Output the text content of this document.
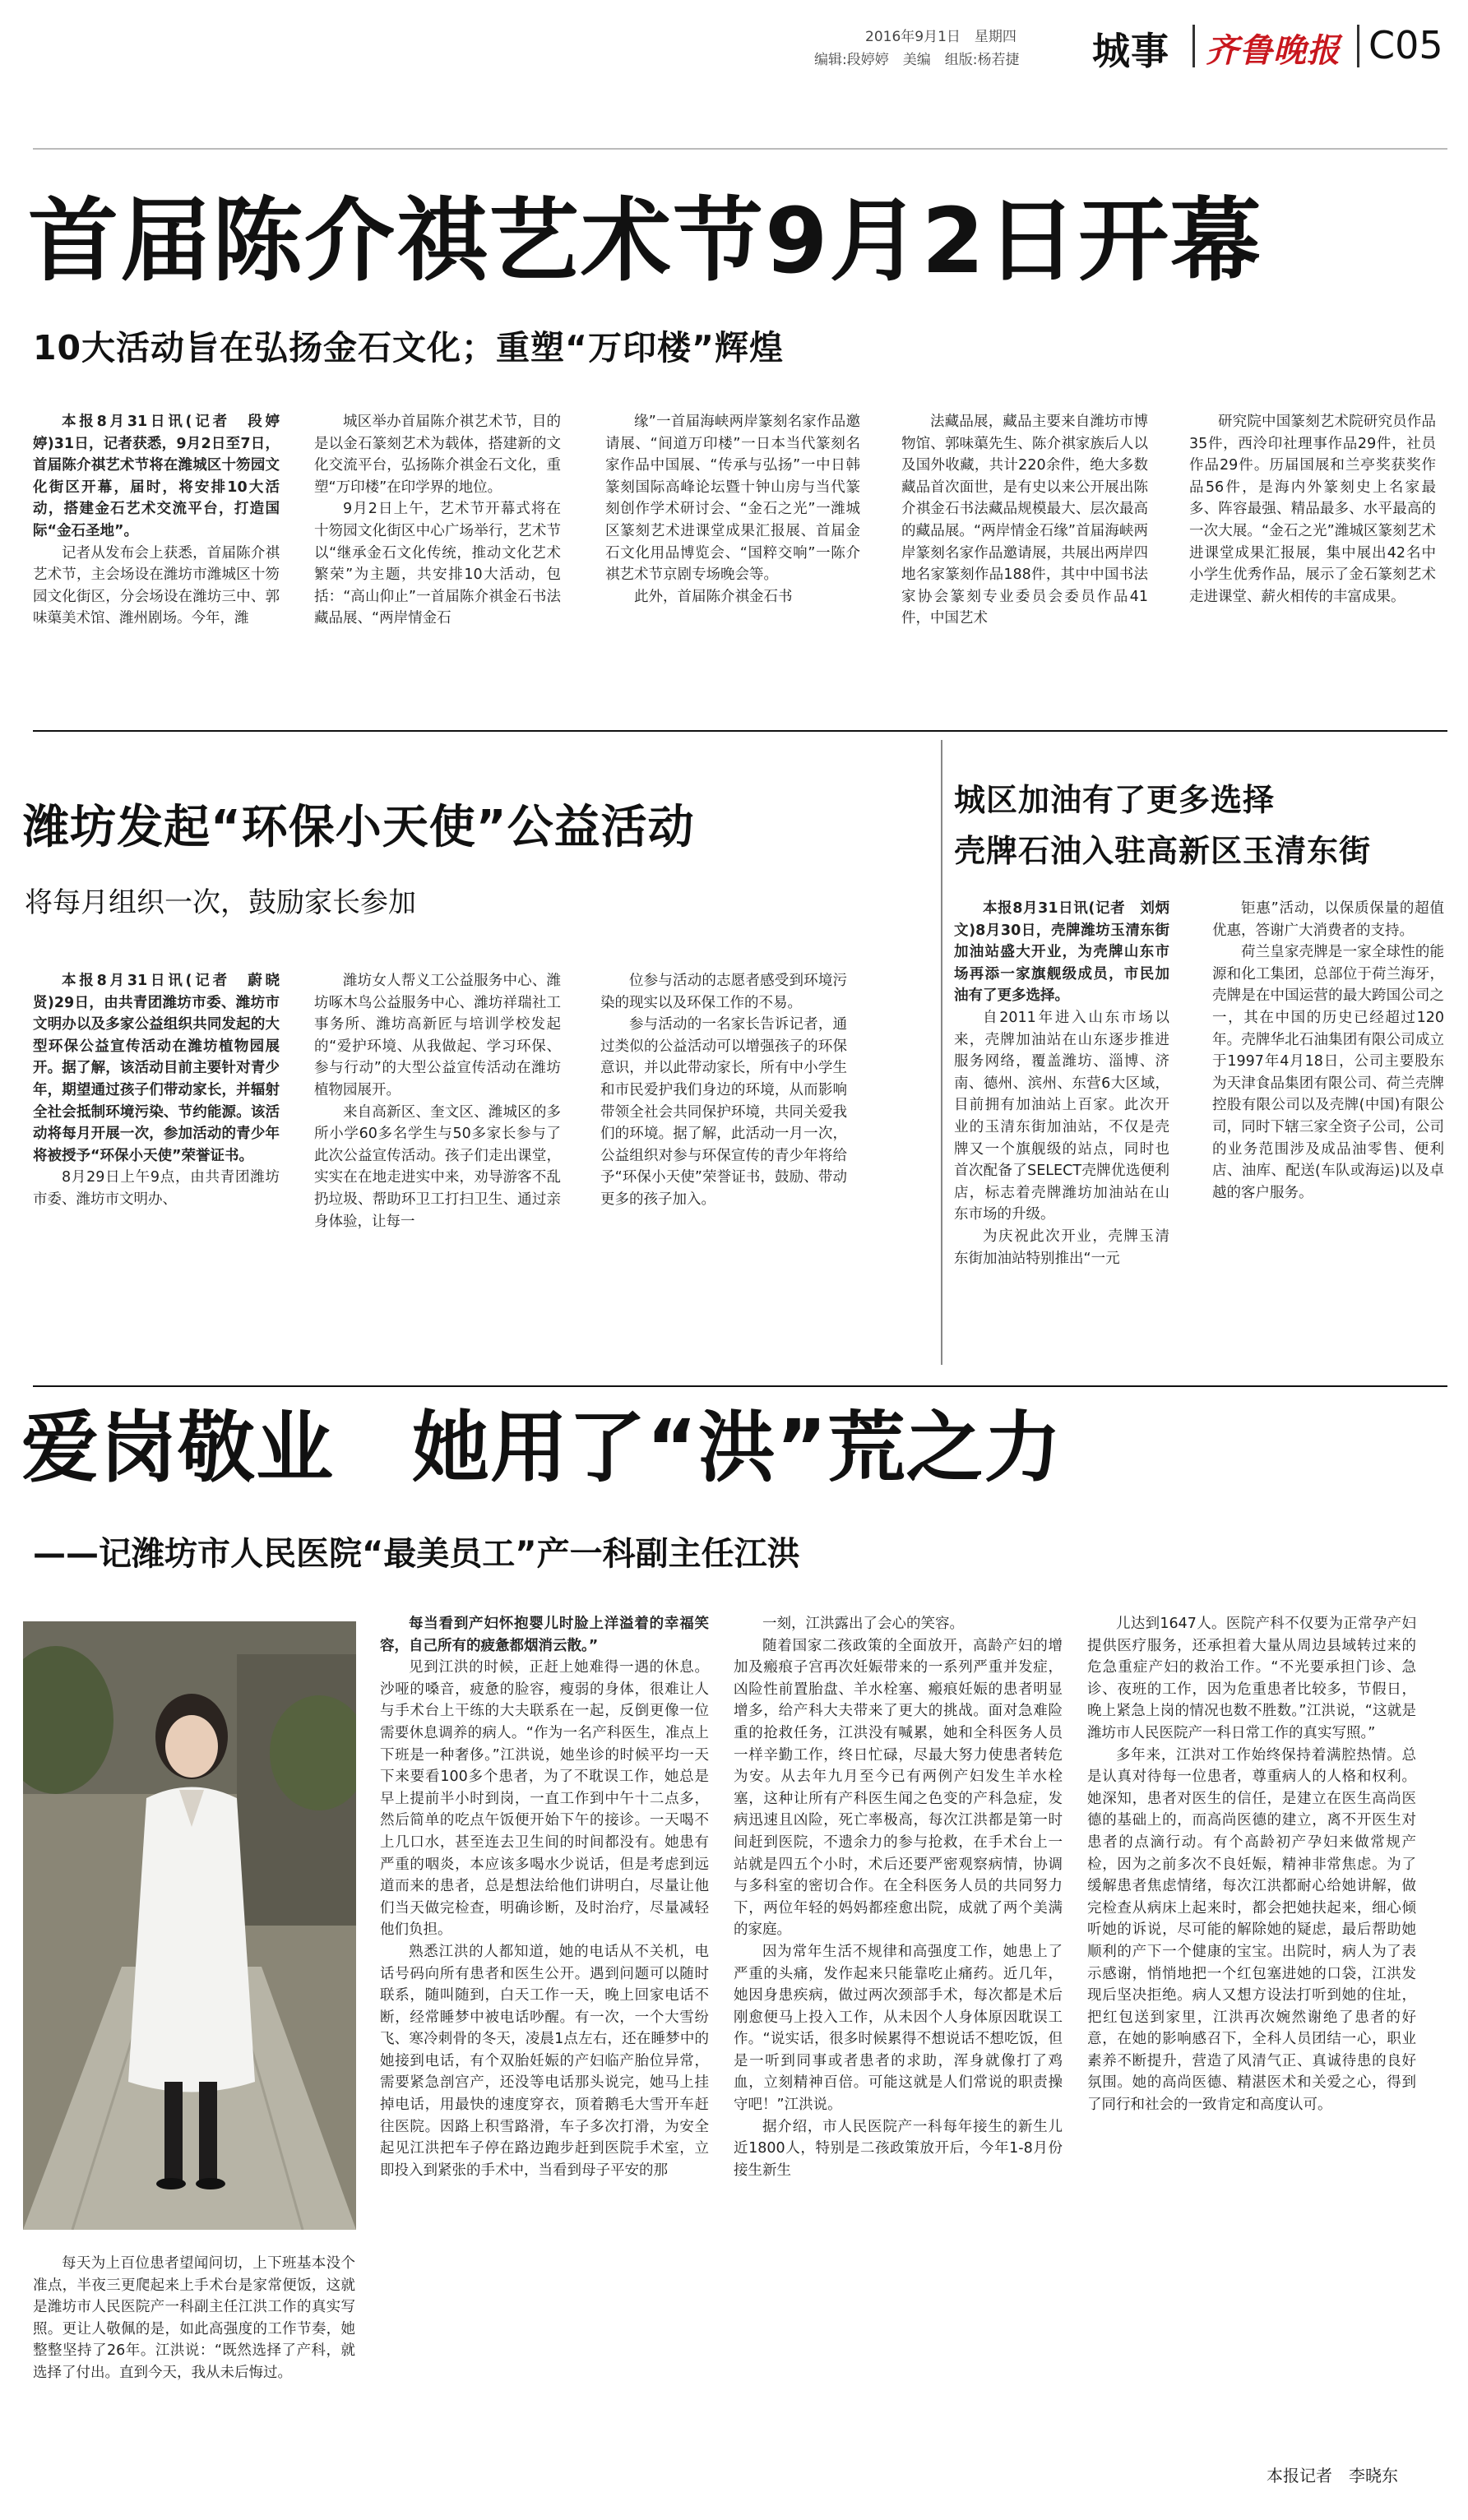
2016年9月1日　星期四
编辑:段婷婷　美编　组版:杨若捷 城事 齐鲁晚报 C05
首届陈介祺艺术节9月2日开幕
10大活动旨在弘扬金石文化；重塑“万印楼”辉煌

本报8月31日讯(记者　段婷婷)31日，记者获悉，9月2日至7日，首届陈介祺艺术节将在潍城区十笏园文化街区开幕，届时，将安排10大活动，搭建金石艺术交流平台，打造国际“金石圣地”。

记者从发布会上获悉，首届陈介祺艺术节，主会场设在潍坊市潍城区十笏园文化街区，分会场设在潍坊三中、郭味蕖美术馆、潍州剧场。今年，潍

城区举办首届陈介祺艺术节，目的是以金石篆刻艺术为载体，搭建新的文化交流平台，弘扬陈介祺金石文化，重塑“万印楼”在印学界的地位。

9月2日上午，艺术节开幕式将在十笏园文化街区中心广场举行，艺术节以“继承金石文化传统，推动文化艺术繁荣”为主题，共安排10大活动，包括：“高山仰止”一首届陈介祺金石书法藏品展、“两岸情金石

缘”一首届海峡两岸篆刻名家作品邀请展、“间道万印楼”一日本当代篆刻名家作品中国展、“传承与弘扬”一中日韩篆刻国际高峰论坛暨十钟山房与当代篆刻创作学术研讨会、“金石之光”一潍城区篆刻艺术进课堂成果汇报展、首届金石文化用品博览会、“国粹交响”一陈介祺艺术节京剧专场晚会等。

此外，首届陈介祺金石书

法藏品展，藏品主要来自潍坊市博物馆、郭味蕖先生、陈介祺家族后人以及国外收藏，共计220余件，绝大多数藏品首次面世，是有史以来公开展出陈介祺金石书法藏品规模最大、层次最高的藏品展。“两岸情金石缘”首届海峡两岸篆刻名家作品邀请展，共展出两岸四地名家篆刻作品188件，其中中国书法家协会篆刻专业委员会委员作品41件，中国艺术

研究院中国篆刻艺术院研究员作品35件，西泠印社理事作品29件，社员作品29件。历届国展和兰亭奖获奖作品56件，是海内外篆刻史上名家最多、阵容最强、精品最多、水平最高的一次大展。“金石之光”潍城区篆刻艺术进课堂成果汇报展，集中展出42名中小学生优秀作品，展示了金石篆刻艺术走进课堂、薪火相传的丰富成果。

潍坊发起“环保小天使”公益活动
将每月组织一次，鼓励家长参加

本报8月31日讯(记者　蔚晓贤)29日，由共青团潍坊市委、潍坊市文明办以及多家公益组织共同发起的大型环保公益宣传活动在潍坊植物园展开。据了解，该活动目前主要针对青少年，期望通过孩子们带动家长，并辐射全社会抵制环境污染、节约能源。该活动将每月开展一次，参加活动的青少年将被授予“环保小天使”荣誉证书。

8月29日上午9点，由共青团潍坊市委、潍坊市文明办、

潍坊女人帮义工公益服务中心、潍坊啄木鸟公益服务中心、潍坊祥瑞社工事务所、潍坊高新匠与培训学校发起的“爱护环境、从我做起、学习环保、参与行动”的大型公益宣传活动在潍坊植物园展开。

来自高新区、奎文区、潍城区的多所小学60多名学生与50多家长参与了此次公益宣传活动。孩子们走出课堂，实实在在地走进实中来，劝导游客不乱扔垃圾、帮助环卫工打扫卫生、通过亲身体验，让每一

位参与活动的志愿者感受到环境污染的现实以及环保工作的不易。

参与活动的一名家长告诉记者，通过类似的公益活动可以增强孩子的环保意识，并以此带动家长，所有中小学生和市民爱护我们身边的环境，从而影响带领全社会共同保护环境，共同关爱我们的环境。据了解，此活动一月一次，公益组织对参与环保宣传的青少年将给予“环保小天使”荣誉证书，鼓励、带动更多的孩子加入。

城区加油有了更多选择
壳牌石油入驻高新区玉清东街

本报8月31日讯(记者　刘炳文)8月30日，壳牌潍坊玉清东街加油站盛大开业，为壳牌山东市场再添一家旗舰级成员，市民加油有了更多选择。

自2011年进入山东市场以来，壳牌加油站在山东逐步推进服务网络，覆盖潍坊、淄博、济南、德州、滨州、东营6大区域，目前拥有加油站上百家。此次开业的玉清东街加油站，不仅是壳牌又一个旗舰级的站点，同时也首次配备了SELECT壳牌优选便利店，标志着壳牌潍坊加油站在山东市场的升级。

为庆祝此次开业，壳牌玉清东街加油站特别推出“一元

钜惠”活动，以保质保量的超值优惠，答谢广大消费者的支持。

荷兰皇家壳牌是一家全球性的能源和化工集团，总部位于荷兰海牙，壳牌是在中国运营的最大跨国公司之一，其在中国的历史已经超过120年。壳牌华北石油集团有限公司成立于1997年4月18日，公司主要股东为天津食品集团有限公司、荷兰壳牌控股有限公司以及壳牌(中国)有限公司，同时下辖三家全资子公司，公司的业务范围涉及成品油零售、便利店、油库、配送(车队或海运)以及卓越的客户服务。

爱岗敬业　她用了“洪”荒之力
——记潍坊市人民医院“最美员工”产一科副主任江洪

每天为上百位患者望闻问切，上下班基本没个准点，半夜三更爬起来上手术台是家常便饭，这就是潍坊市人民医院产一科副主任江洪工作的真实写照。更让人敬佩的是，如此高强度的工作节奏，她整整坚持了26年。江洪说：“既然选择了产科，就选择了付出。直到今天，我从未后悔过。

每当看到产妇怀抱婴儿时脸上洋溢着的幸福笑容，自己所有的疲惫都烟消云散。”

见到江洪的时候，正赶上她难得一遇的休息。沙哑的嗓音，疲惫的脸容，瘦弱的身体，很难让人与手术台上干练的大夫联系在一起，反倒更像一位需要休息调养的病人。“作为一名产科医生，准点上下班是一种奢侈。”江洪说，她坐诊的时候平均一天下来要看100多个患者，为了不耽误工作，她总是早上提前半小时到岗，一直工作到中午十二点多，然后简单的吃点午饭便开始下午的接诊。一天喝不上几口水，甚至连去卫生间的时间都没有。她患有严重的咽炎，本应该多喝水少说话，但是考虑到远道而来的患者，总是想法给他们讲明白，尽量让他们当天做完检查，明确诊断，及时治疗，尽量减轻他们负担。

熟悉江洪的人都知道，她的电话从不关机，电话号码向所有患者和医生公开。遇到问题可以随时联系，随叫随到，白天工作一天，晚上回家电话不断，经常睡梦中被电话吵醒。有一次，一个大雪纷飞、寒冷刺骨的冬天，凌晨1点左右，还在睡梦中的她接到电话，有个双胎妊娠的产妇临产胎位异常，需要紧急剖宫产，还没等电话那头说完，她马上挂掉电话，用最快的速度穿衣，顶着鹅毛大雪开车赶往医院。因路上积雪路滑，车子多次打滑，为安全起见江洪把车子停在路边跑步赶到医院手术室，立即投入到紧张的手术中，当看到母子平安的那

一刻，江洪露出了会心的笑容。

随着国家二孩政策的全面放开，高龄产妇的增加及瘢痕子宫再次妊娠带来的一系列严重并发症，凶险性前置胎盘、羊水栓塞、瘢痕妊娠的患者明显增多，给产科大夫带来了更大的挑战。面对急难险重的抢救任务，江洪没有喊累，她和全科医务人员一样辛勤工作，终日忙碌，尽最大努力使患者转危为安。从去年九月至今已有两例产妇发生羊水栓塞，这种让所有产科医生闻之色变的产科急症，发病迅速且凶险，死亡率极高，每次江洪都是第一时间赶到医院，不遗余力的参与抢救，在手术台上一站就是四五个小时，术后还要严密观察病情，协调与多科室的密切合作。在全科医务人员的共同努力下，两位年轻的妈妈都痊愈出院，成就了两个美满的家庭。

因为常年生活不规律和高强度工作，她患上了严重的头痛，发作起来只能靠吃止痛药。近几年，她因身患疾病，做过两次颈部手术，每次都是术后刚愈便马上投入工作，从未因个人身体原因耽误工作。“说实话，很多时候累得不想说话不想吃饭，但是一听到同事或者患者的求助，浑身就像打了鸡血，立刻精神百倍。可能这就是人们常说的职责操守吧！”江洪说。

据介绍，市人民医院产一科每年接生的新生儿近1800人，特别是二孩政策放开后，今年1-8月份接生新生

儿达到1647人。医院产科不仅要为正常孕产妇提供医疗服务，还承担着大量从周边县域转过来的危急重症产妇的救治工作。“不光要承担门诊、急诊、夜班的工作，因为危重患者比较多，节假日，晚上紧急上岗的情况也数不胜数。”江洪说，“这就是潍坊市人民医院产一科日常工作的真实写照。”

多年来，江洪对工作始终保持着满腔热情。总是认真对待每一位患者，尊重病人的人格和权利。她深知，患者对医生的信任，是建立在医生高尚医德的基础上的，而高尚医德的建立，离不开医生对患者的点滴行动。有个高龄初产孕妇来做常规产检，因为之前多次不良妊娠，精神非常焦虑。为了缓解患者焦虑情绪，每次江洪都耐心给她讲解，做完检查从病床上起来时，都会把她扶起来，细心倾听她的诉说，尽可能的解除她的疑虑，最后帮助她顺利的产下一个健康的宝宝。出院时，病人为了表示感谢，悄悄地把一个红包塞进她的口袋，江洪发现后坚决拒绝。病人又想方设法打听到她的住址，把红包送到家里，江洪再次婉然谢绝了患者的好意，在她的影响感召下，全科人员团结一心，职业素养不断提升，营造了风清气正、真诚待患的良好氛围。她的高尚医德、精湛医术和关爱之心，得到了同行和社会的一致肯定和高度认可。

本报记者　李晓东
